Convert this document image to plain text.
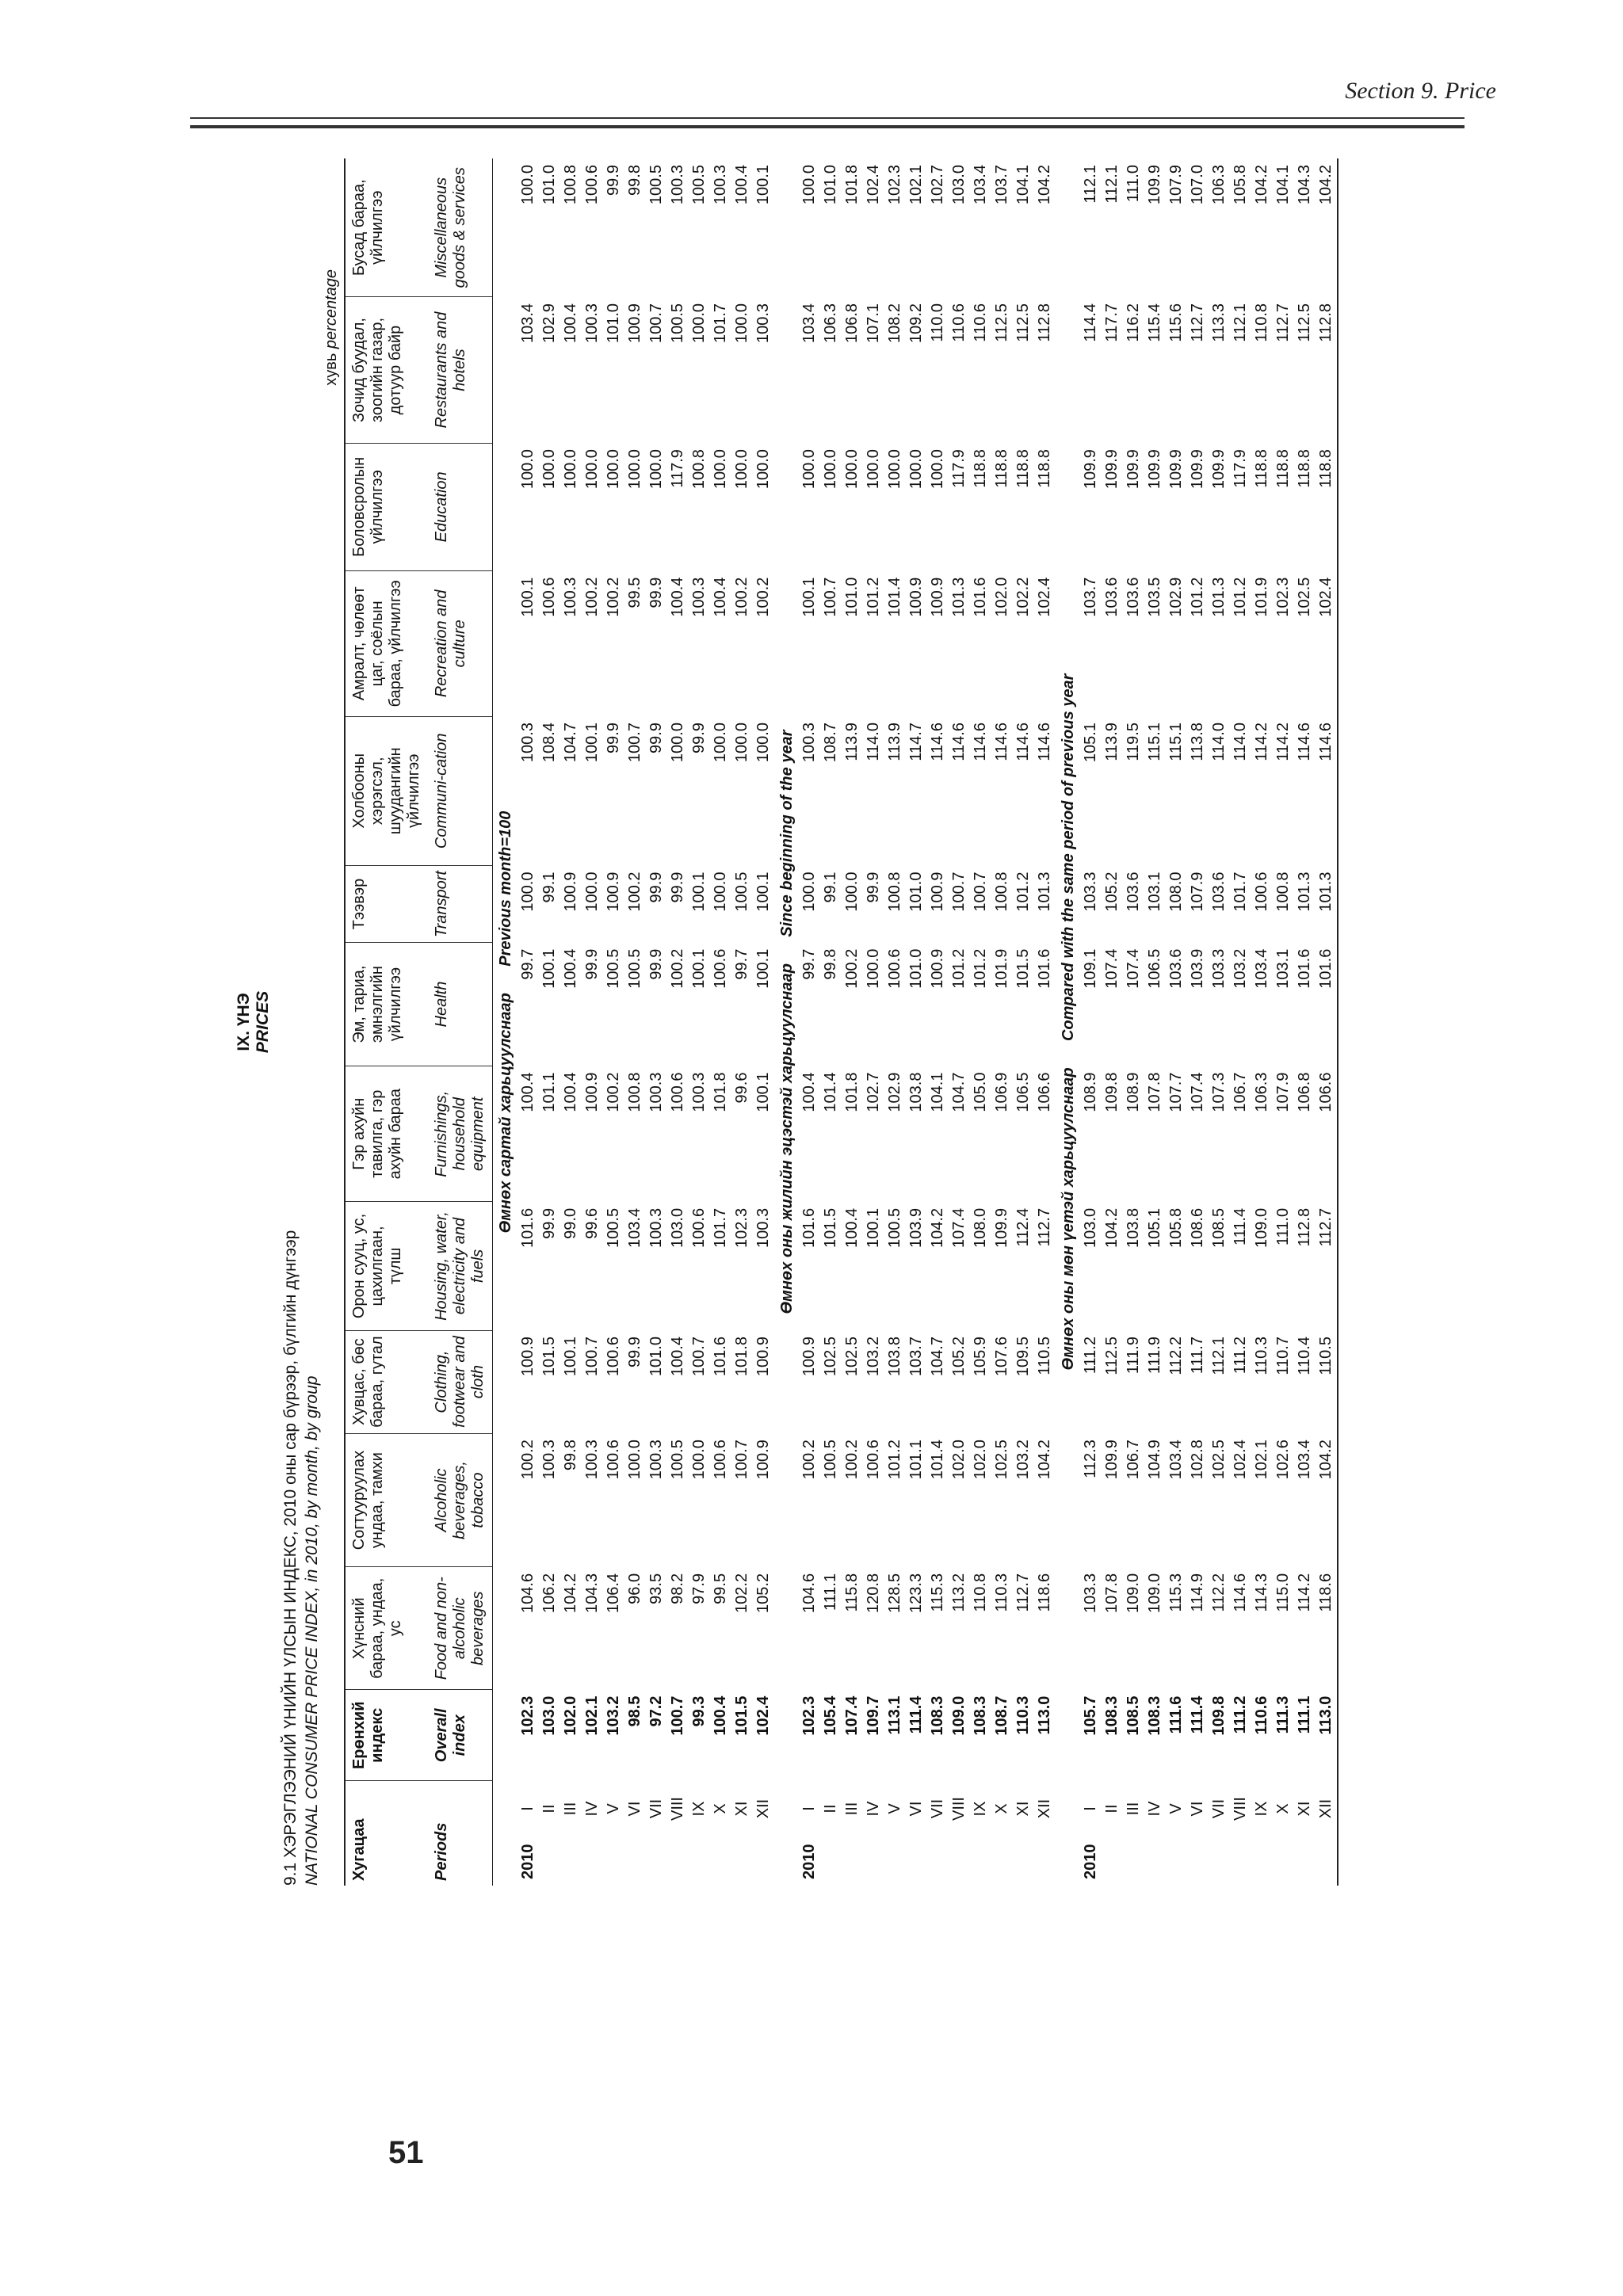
Section 9. Price
51
IX. ҮНЭ PRICES
9.1 ХЭРЭГЛЭЭНИЙ ҮНИЙН ҮЛСЫН ИНДЕКС, 2010 оны сар бүрээр, бүлгийн дүнгээр NATIONAL CONSUMER PRICE INDEX, in 2010, by month, by group
хувь percentage
Хугацаа		Ерөнхий индекс	Хүнсний бараа, ундаа, ус	Согтууруулах ундаа, тамхи	Хувцас, бөс бараа, гутал	Орон сууц, ус, цахилгаан, түлш	Гэр ахуйн тавилга, гэр ахуйн бараа	Эм, тариа, эмнэлгийн үйлчилгээ	Тээвэр	Холбооны хэрэгсэл, шуудангийн үйлчилгээ	Амралт, чөлөөт цаг, соёлын бараа, үйлчилгээ	Боловсролын үйлчилгээ	Зочид буудал, зоогийн газар, дотуур байр	Бусад бараа, үйлчилгээ
Periods		Overall index	Food and non-alcoholic beverages	Alcoholic beverages, tobacco	Clothing, footwear and cloth	Housing, water, electricity and fuels	Furnishings, household equipment	Health	Transport	Communi-cation	Recreation and culture	Education	Restaurants and hotels	Miscellaneous goods & services
Өмнөх сартай харьцуулснаар      Previous month=100														
2010	I	102.3	104.6	100.2	100.9	101.6	100.4	99.7	100.0	100.3	100.1	100.0	103.4	100.0
	II	103.0	106.2	100.3	101.5	99.9	101.1	100.1	99.1	108.4	100.6	100.0	102.9	101.0
	III	102.0	104.2	99.8	100.1	99.0	100.4	100.4	100.9	104.7	100.3	100.0	100.4	100.8
	IV	102.1	104.3	100.3	100.7	99.6	100.9	99.9	100.0	100.1	100.2	100.0	100.3	100.6
	V	103.2	106.4	100.6	100.6	100.5	100.2	100.5	100.9	99.9	100.2	100.0	101.0	99.9
	VI	98.5	96.0	100.0	99.9	103.4	100.8	100.5	100.2	100.7	99.5	100.0	100.9	99.8
	VII	97.2	93.5	100.3	101.0	100.3	100.3	99.9	99.9	99.9	99.9	100.0	100.7	100.5
	VIII	100.7	98.2	100.5	100.4	103.0	100.6	100.2	99.9	100.0	100.4	117.9	100.5	100.3
	IX	99.3	97.9	100.0	100.7	100.6	100.3	100.1	100.1	99.9	100.3	100.8	100.0	100.5
	X	100.4	99.5	100.6	101.6	101.7	101.8	100.6	100.0	100.0	100.4	100.0	101.7	100.3
	XI	101.5	102.2	100.7	101.8	102.3	99.6	99.7	100.5	100.0	100.2	100.0	100.0	100.4
	XII	102.4	105.2	100.9	100.9	100.3	100.1	100.1	100.1	100.0	100.2	100.0	100.3	100.1
Өмнөх оны жилийн эцэстэй харьцуулснаар      Since beginning of the year														
2010	I	102.3	104.6	100.2	100.9	101.6	100.4	99.7	100.0	100.3	100.1	100.0	103.4	100.0
	II	105.4	111.1	100.5	102.5	101.5	101.4	99.8	99.1	108.7	100.7	100.0	106.3	101.0
	III	107.4	115.8	100.2	102.5	100.4	101.8	100.2	100.0	113.9	101.0	100.0	106.8	101.8
	IV	109.7	120.8	100.6	103.2	100.1	102.7	100.0	99.9	114.0	101.2	100.0	107.1	102.4
	V	113.1	128.5	101.2	103.8	100.5	102.9	100.6	100.8	113.9	101.4	100.0	108.2	102.3
	VI	111.4	123.3	101.1	103.7	103.9	103.8	101.0	101.0	114.7	100.9	100.0	109.2	102.1
	VII	108.3	115.3	101.4	104.7	104.2	104.1	100.9	100.9	114.6	100.9	100.0	110.0	102.7
	VIII	109.0	113.2	102.0	105.2	107.4	104.7	101.2	100.7	114.6	101.3	117.9	110.6	103.0
	IX	108.3	110.8	102.0	105.9	108.0	105.0	101.2	100.7	114.6	101.6	118.8	110.6	103.4
	X	108.7	110.3	102.5	107.6	109.9	106.9	101.9	100.8	114.6	102.0	118.8	112.5	103.7
	XI	110.3	112.7	103.2	109.5	112.4	106.5	101.5	101.2	114.6	102.2	118.8	112.5	104.1
	XII	113.0	118.6	104.2	110.5	112.7	106.6	101.6	101.3	114.6	102.4	118.8	112.8	104.2
Өмнөх оны мөн үетэй харьцуулснаар      Compared with the same period of previous year														
2010	I	105.7	103.3	112.3	111.2	103.0	108.9	109.1	103.3	105.1	103.7	109.9	114.4	112.1
	II	108.3	107.8	109.9	112.5	104.2	109.8	107.4	105.2	113.9	103.6	109.9	117.7	112.1
	III	108.5	109.0	106.7	111.9	103.8	108.9	107.4	103.6	119.5	103.6	109.9	116.2	111.0
	IV	108.3	109.0	104.9	111.9	105.1	107.8	106.5	103.1	115.1	103.5	109.9	115.4	109.9
	V	111.6	115.3	103.4	112.2	105.8	107.7	103.6	108.0	115.1	102.9	109.9	115.6	107.9
	VI	111.4	114.9	102.8	111.7	108.6	107.4	103.9	107.9	113.8	101.2	109.9	112.7	107.0
	VII	109.8	112.2	102.5	112.1	108.5	107.3	103.3	103.6	114.0	101.3	109.9	113.3	106.3
	VIII	111.2	114.6	102.4	111.2	111.4	106.7	103.2	101.7	114.0	101.2	117.9	112.1	105.8
	IX	110.6	114.3	102.1	110.3	109.0	106.3	103.4	100.6	114.2	101.9	118.8	110.8	104.2
	X	111.3	115.0	102.6	110.7	111.0	107.9	103.1	100.8	114.2	102.3	118.8	112.7	104.1
	XI	111.1	114.2	103.4	110.4	112.8	106.8	101.6	101.3	114.6	102.5	118.8	112.5	104.3
	XII	113.0	118.6	104.2	110.5	112.7	106.6	101.6	101.3	114.6	102.4	118.8	112.8	104.2
